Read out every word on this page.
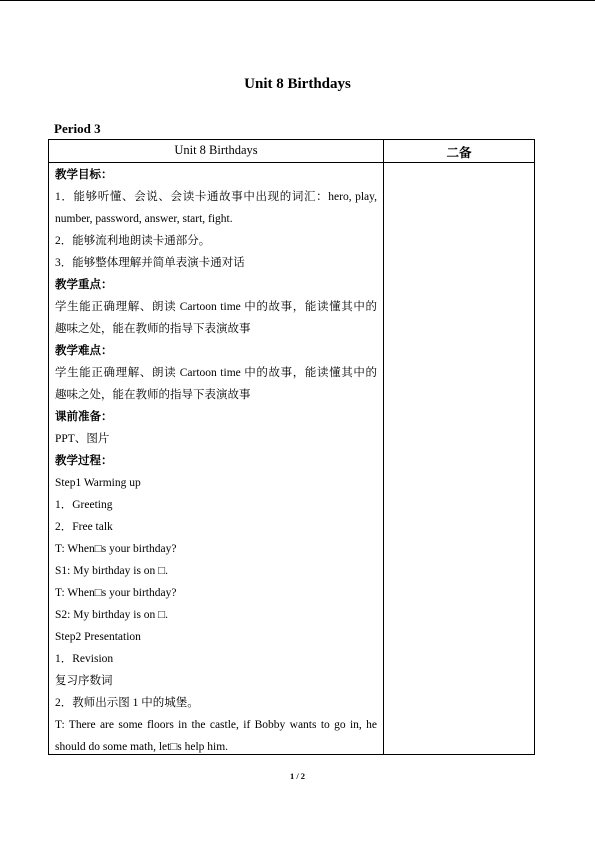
Unit 8 Birthdays
Period 3
Unit 8 Birthdays	二备
教学目标：
1．能够听懂、会说、会读卡通故事中出现的词汇：hero, play,
number, password, answer, start, fight.
2．能够流利地朗读卡通部分。
3．能够整体理解并简单表演卡通对话
教学重点：
学生能正确理解、朗读 Cartoon time 中的故事，能读懂其中的
趣味之处，能在教师的指导下表演故事
教学难点：
学生能正确理解、朗读 Cartoon time 中的故事，能读懂其中的
趣味之处，能在教师的指导下表演故事
课前准备：
PPT、图片
教学过程：
Step1 Warming up
1．Greeting
2．Free talk
T: When□s your birthday?
S1: My birthday is on □.
T: When□s your birthday?
S2: My birthday is on □.
Step2 Presentation
1．Revision
复习序数词
2．教师出示图 1 中的城堡。
T: There are some floors in the castle, if Bobby wants to go in, he
should do some math, let□s help him.
1 / 2
